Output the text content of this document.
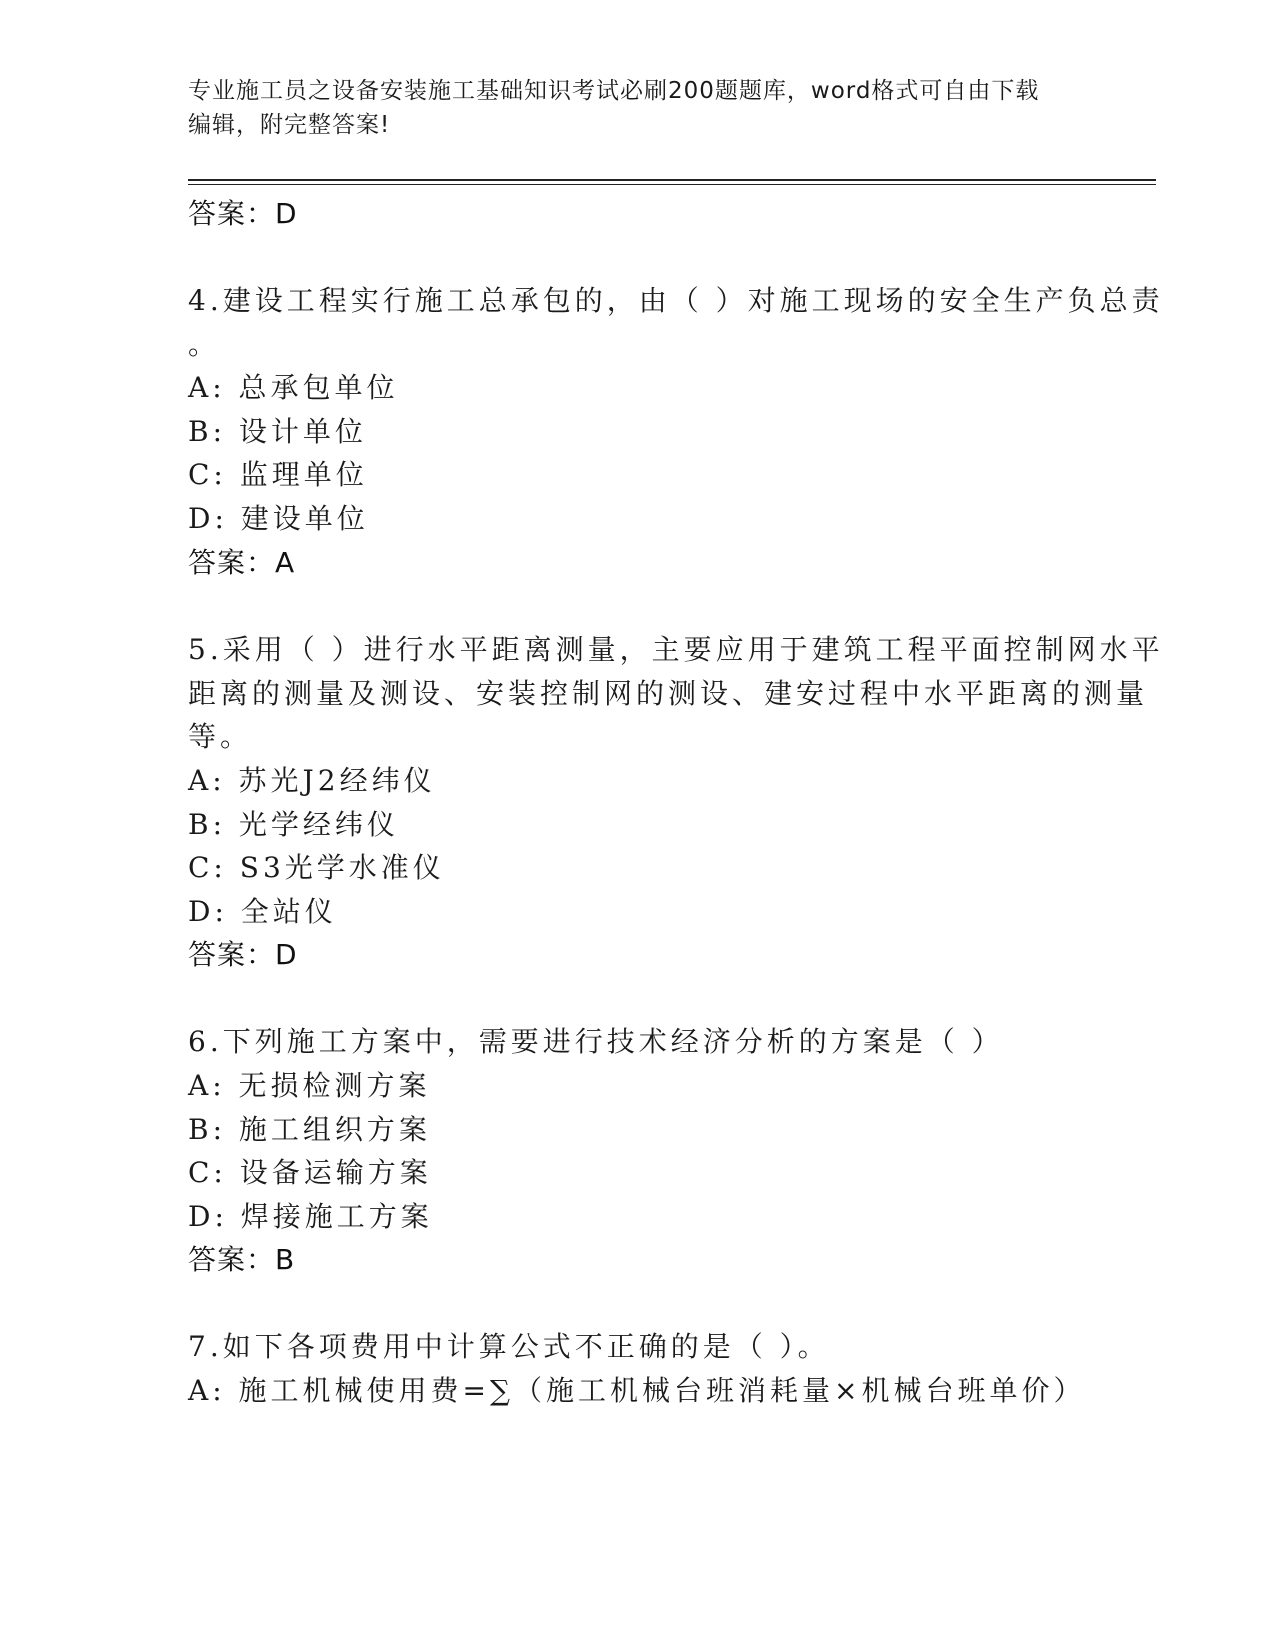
专业施工员之设备安装施工基础知识考试必刷200题题库，word格式可自由下载
编辑，附完整答案!
答案：D
4.建设工程实行施工总承包的，由（ ）对施工现场的安全生产负总责
。
A: 总承包单位
B: 设计单位
C: 监理单位
D: 建设单位
答案：A
5.采用（ ）进行水平距离测量，主要应用于建筑工程平面控制网水平
距离的测量及测设、安装控制网的测设、建安过程中水平距离的测量
等。
A: 苏光J2经纬仪
B: 光学经纬仪
C: S3光学水准仪
D: 全站仪
答案：D
6.下列施工方案中，需要进行技术经济分析的方案是（ ）
A: 无损检测方案
B: 施工组织方案
C: 设备运输方案
D: 焊接施工方案
答案：B
7.如下各项费用中计算公式不正确的是（ ）。
A: 施工机械使用费=∑（施工机械台班消耗量×机械台班单价）
